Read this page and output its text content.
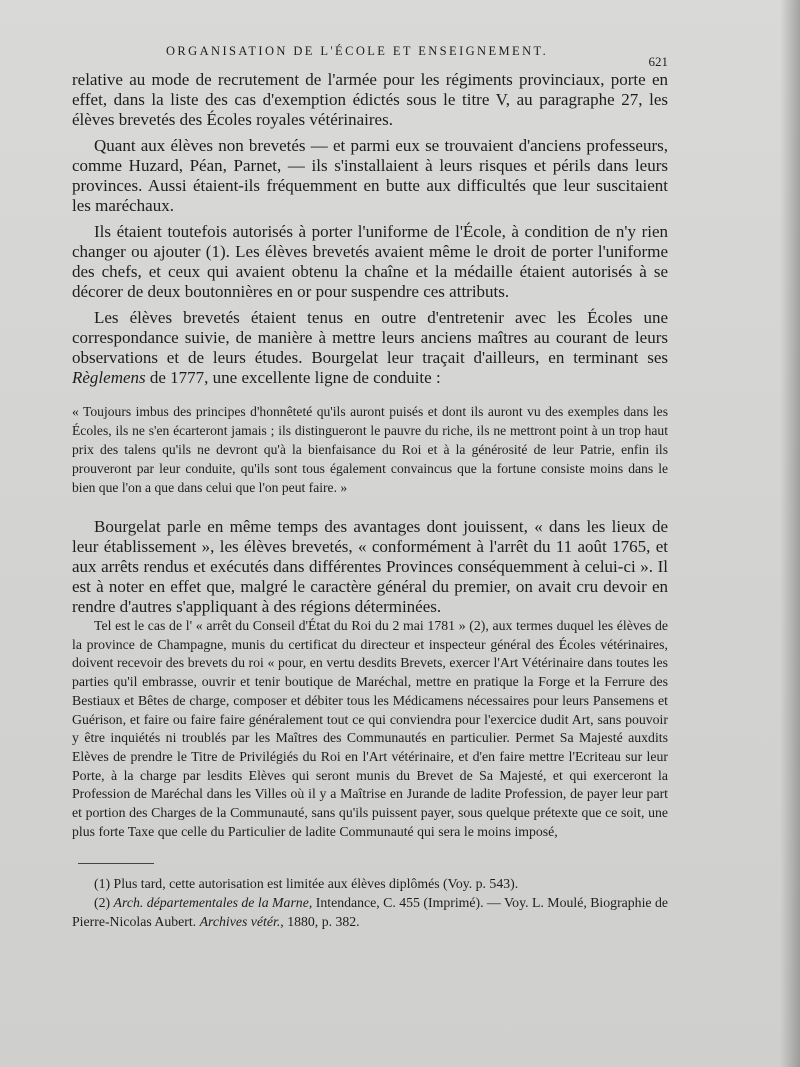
ORGANISATION DE L'ÉCOLE ET ENSEIGNEMENT.
621

relative au mode de recrutement de l'armée pour les régiments provinciaux, porte en effet, dans la liste des cas d'exemption édictés sous le titre V, au paragraphe 27, les élèves brevetés des Écoles royales vétérinaires.

Quant aux élèves non brevetés — et parmi eux se trouvaient d'anciens professeurs, comme Huzard, Péan, Parnet, — ils s'installaient à leurs risques et périls dans leurs provinces. Aussi étaient-ils fréquemment en butte aux difficultés que leur suscitaient les maréchaux.

Ils étaient toutefois autorisés à porter l'uniforme de l'École, à condition de n'y rien changer ou ajouter (1). Les élèves brevetés avaient même le droit de porter l'uniforme des chefs, et ceux qui avaient obtenu la chaîne et la médaille étaient autorisés à se décorer de deux boutonnières en or pour suspendre ces attributs.

Les élèves brevetés étaient tenus en outre d'entretenir avec les Écoles une correspondance suivie, de manière à mettre leurs anciens maîtres au courant de leurs observations et de leurs études. Bourgelat leur traçait d'ailleurs, en terminant ses Règlemens de 1777, une excellente ligne de conduite :

« Toujours imbus des principes d'honnêteté qu'ils auront puisés et dont ils auront vu des exemples dans les Écoles, ils ne s'en écarteront jamais ; ils distingueront le pauvre du riche, ils ne mettront point à un trop haut prix des talens qu'ils ne devront qu'à la bienfaisance du Roi et à la générosité de leur Patrie, enfin ils prouveront par leur conduite, qu'ils sont tous également convaincus que la fortune consiste moins dans le bien que l'on a que dans celui que l'on peut faire. »

Bourgelat parle en même temps des avantages dont jouissent, « dans les lieux de leur établissement », les élèves brevetés, « conformément à l'arrêt du 11 août 1765, et aux arrêts rendus et exécutés dans différentes Provinces conséquemment à celui-ci ». Il est à noter en effet que, malgré le caractère général du premier, on avait cru devoir en rendre d'autres s'appliquant à des régions déterminées.

Tel est le cas de l' « arrêt du Conseil d'État du Roi du 2 mai 1781 » (2), aux termes duquel les élèves de la province de Champagne, munis du certificat du directeur et inspecteur général des Écoles vétérinaires, doivent recevoir des brevets du roi « pour, en vertu desdits Brevets, exercer l'Art Vétérinaire dans toutes les parties qu'il embrasse, ouvrir et tenir boutique de Maréchal, mettre en pratique la Forge et la Ferrure des Bestiaux et Bêtes de charge, composer et débiter tous les Médicamens nécessaires pour leurs Pansemens et Guérison, et faire ou faire faire généralement tout ce qui conviendra pour l'exercice dudit Art, sans pouvoir y être inquiétés ni troublés par les Maîtres des Communautés en particulier. Permet Sa Majesté auxdits Elèves de prendre le Titre de Privilégiés du Roi en l'Art vétérinaire, et d'en faire mettre l'Ecriteau sur leur Porte, à la charge par lesdits Elèves qui seront munis du Brevet de Sa Majesté, et qui exerceront la Profession de Maréchal dans les Villes où il y a Maîtrise en Jurande de ladite Profession, de payer leur part et portion des Charges de la Communauté, sans qu'ils puissent payer, sous quelque prétexte que ce soit, une plus forte Taxe que celle du Particulier de ladite Communauté qui sera le moins imposé,

(1) Plus tard, cette autorisation est limitée aux élèves diplômés (Voy. p. 543).

(2) Arch. départementales de la Marne, Intendance, C. 455 (Imprimé). — Voy. L. Moulé, Biographie de Pierre-Nicolas Aubert. Archives vétér., 1880, p. 382.
